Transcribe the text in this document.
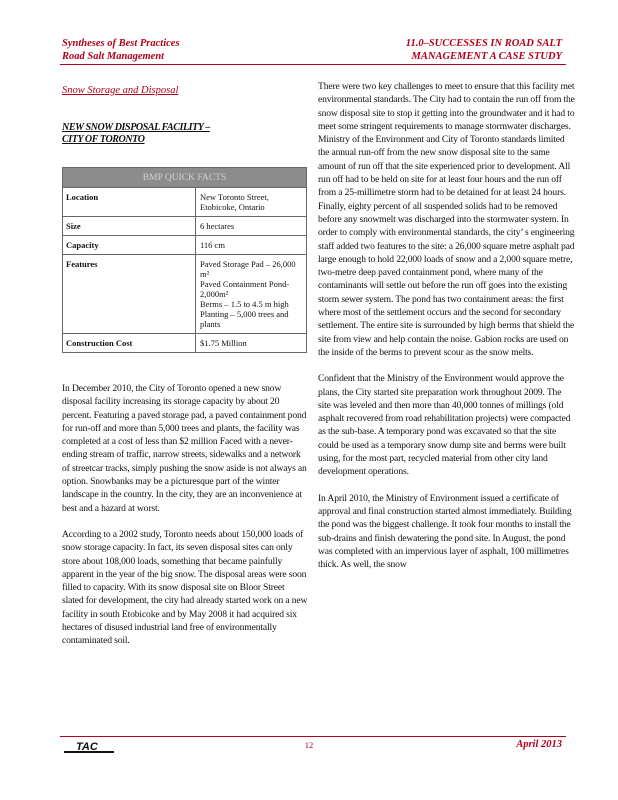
Syntheses of Best Practices
Road Salt Management
11.0–SUCCESSES IN ROAD SALT
MANAGEMENT A CASE STUDY
Snow Storage and Disposal
NEW SNOW DISPOSAL FACILITY –
CITY OF TORONTO
BMP QUICK FACTS
Location	New Toronto Street,
Etobicoke, Ontario
Size	6 hectares
Capacity	116 cm
Features	Paved Storage Pad – 26,000 m²
Paved Containment Pond- 2,000m²
Berms – 1.5 to 4.5 m high
Planting – 5,000 trees and plants
Construction Cost	$1.75 Million

In December 2010, the City of Toronto opened a new snow disposal facility increasing its storage capacity by about 20 percent. Featuring a paved storage pad, a paved containment pond for run-off and more than 5,000 trees and plants, the facility was completed at a cost of less than $2 million Faced with a never-ending stream of traffic, narrow streets, sidewalks and a network of streetcar tracks, simply pushing the snow aside is not always an option. Snowbanks may be a picturesque part of the winter landscape in the country. In the city, they are an inconvenience at best and a hazard at worst.

According to a 2002 study, Toronto needs about 150,000 loads of snow storage capacity. In fact, its seven disposal sites can only store about 108,000 loads, something that became painfully apparent in the year of the big snow. The disposal areas were soon filled to capacity. With its snow disposal site on Bloor Street slated for development, the city had already started work on a new facility in south Etobicoke and by May 2008 it had acquired six hectares of disused industrial land free of environmentally contaminated soil.

There were two key challenges to meet to ensure that this facility met environmental standards. The City had to contain the run off from the snow disposal site to stop it getting into the groundwater and it had to meet some stringent requirements to manage stormwater discharges. Ministry of the Environment and City of Toronto standards limited the annual run-off from the new snow disposal site to the same amount of run off that the site experienced prior to development. All run off had to be held on site for at least four hours and the run off from a 25-millimetre storm had to be detained for at least 24 hours. Finally, eighty percent of all suspended solids had to be removed before any snowmelt was discharged into the stormwater system. In order to comply with environmental standards, the city’ s engineering staff added two features to the site: a 26,000 square metre asphalt pad large enough to hold 22,000 loads of snow and a 2,000 square metre, two-metre deep paved containment pond, where many of the contaminants will settle out before the run off goes into the existing storm sewer system. The pond has two containment areas: the first where most of the settlement occurs and the second for secondary settlement. The entire site is surrounded by high berms that shield the site from view and help contain the noise. Gabion rocks are used on the inside of the berms to prevent scour as the snow melts.

Confident that the Ministry of the Environment would approve the plans, the City started site preparation work throughout 2009. The site was leveled and then more than 40,000 tonnes of millings (old asphalt recovered from road rehabilitation projects) were compacted as the sub-base. A temporary pond was excavated so that the site could be used as a temporary snow dump site and berms were built using, for the most part, recycled material from other city land development operations.

In April 2010, the Ministry of Environment issued a certificate of approval and final construction started almost immediately. Building the pond was the biggest challenge. It took four months to install the sub-drains and finish dewatering the pond site. In August, the pond was completed with an impervious layer of asphalt, 100 millimetres thick. As well, the snow

TAC	12	April 2013
